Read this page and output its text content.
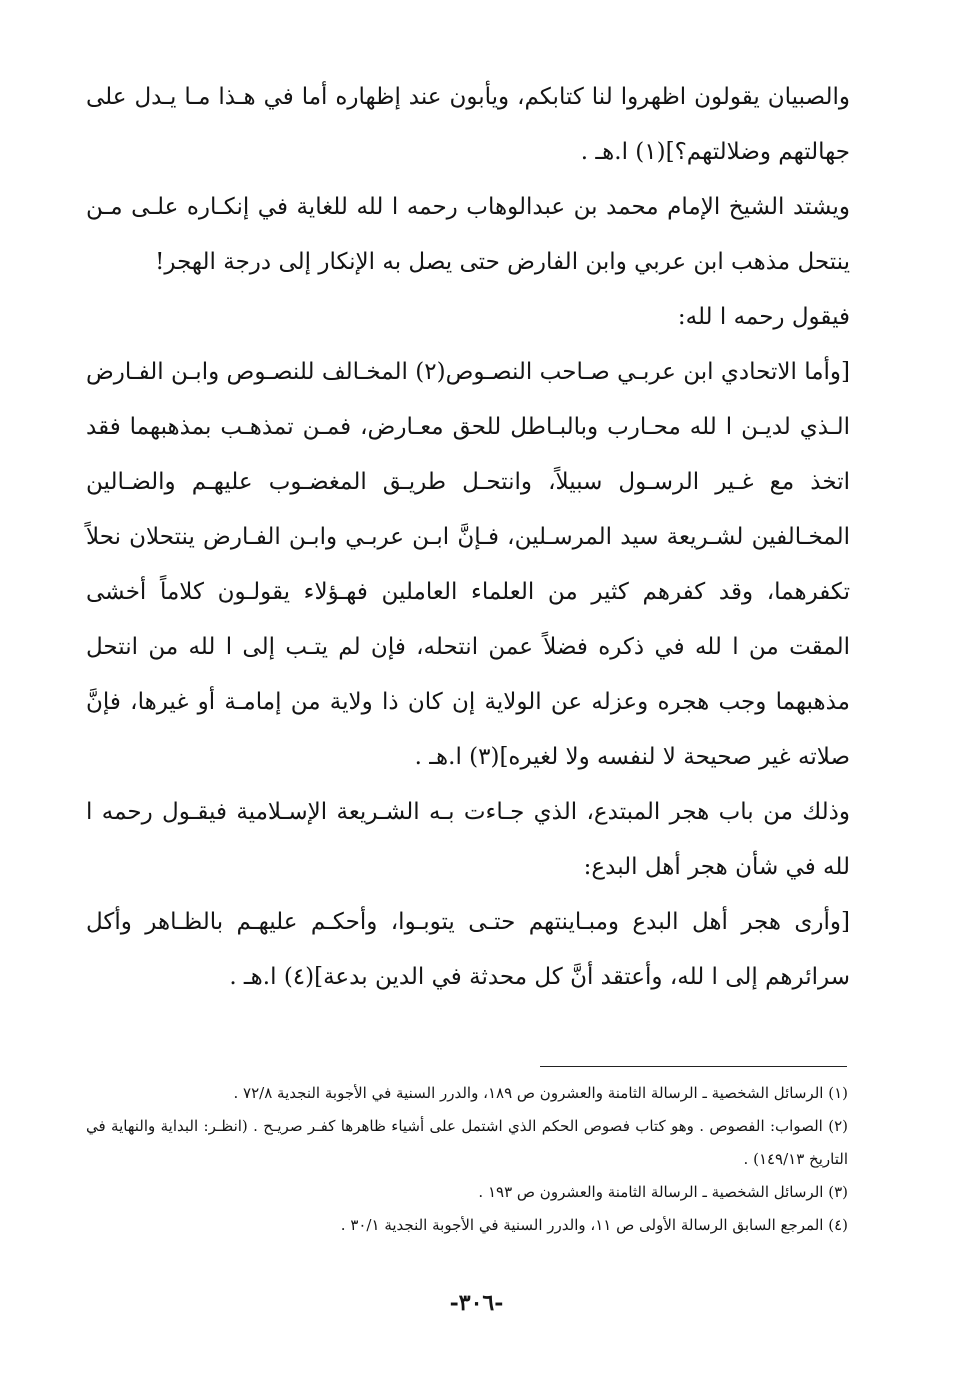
والصبيان يقولون اظهروا لنا كتابكم، ويأبون عند إظهاره أما في هـذا مـا يـدل على جهالتهم وضلالتهم؟](١) ا.هـ .

ويشتد الشيخ الإمام محمد بن عبدالوهاب رحمه ا لله للغاية في إنكـاره علـى مـن ينتحل مذهب ابن عربي وابن الفارض حتى يصل به الإنكار إلى درجة الهجر!

فيقول رحمه ا لله:

[وأما الاتحادي ابن عربـي صـاحب النصـوص(٢) المخـالف للنصـوص وابـن الفـارض الـذي لديـن ا لله محـارب وبالبـاطل للحق معـارض، فمـن تمذهـب بمذهبهما فقد اتخذ مع غـير الرسـول سبيلاً، وانتحـل طريـق المغضـوب عليهـم والضـالين المخـالفين لشـريعة سيد المرسـلين، فـإنَّ ابـن عربـي وابـن الفـارض ينتحلان نحلاً تكفرهما، وقد كفرهم كثير من العلماء العاملين فهـؤلاء يقولـون كلاماً أخشى المقت من ا لله في ذكره فضلاً عمن انتحله، فإن لم يتـب إلى ا لله من انتحل مذهبهما وجب هجره وعزله عن الولاية إن كان ذا ولاية من إمامـة أو غيرها، فإنَّ صلاته غير صحيحة لا لنفسه ولا لغيره](٣) ا.هـ .

وذلك من باب هجر المبتدع، الذي جـاءت بـه الشـريعة الإسـلامية فيقـول رحمه ا لله في شأن هجر أهل البدع:

[وأرى هجر أهل البدع ومبـاينتهم حتـى يتوبـوا، وأحكـم عليهـم بالظـاهر وأكل سرائرهم إلى ا لله، وأعتقد أنَّ كل محدثة في الدين بدعة](٤) ا.هـ .

(١) الرسائل الشخصية ـ الرسالة الثامنة والعشرون ص ١٨٩، والدرر السنية في الأجوبة النجدية ٧٢/٨ .

(٢) الصواب: الفصوص . وهو كتاب فصوص الحكم الذي اشتمل على أشياء ظاهرها كفـر صريـح . (انظـر: البداية والنهاية في التاريخ ١٤٩/١٣) .

(٣) الرسائل الشخصية ـ الرسالة الثامنة والعشرون ص ١٩٣ .

(٤) المرجع السابق الرسالة الأولى ص ١١، والدرر السنية في الأجوبة النجدية ٣٠/١ .

-٣٠٦-
